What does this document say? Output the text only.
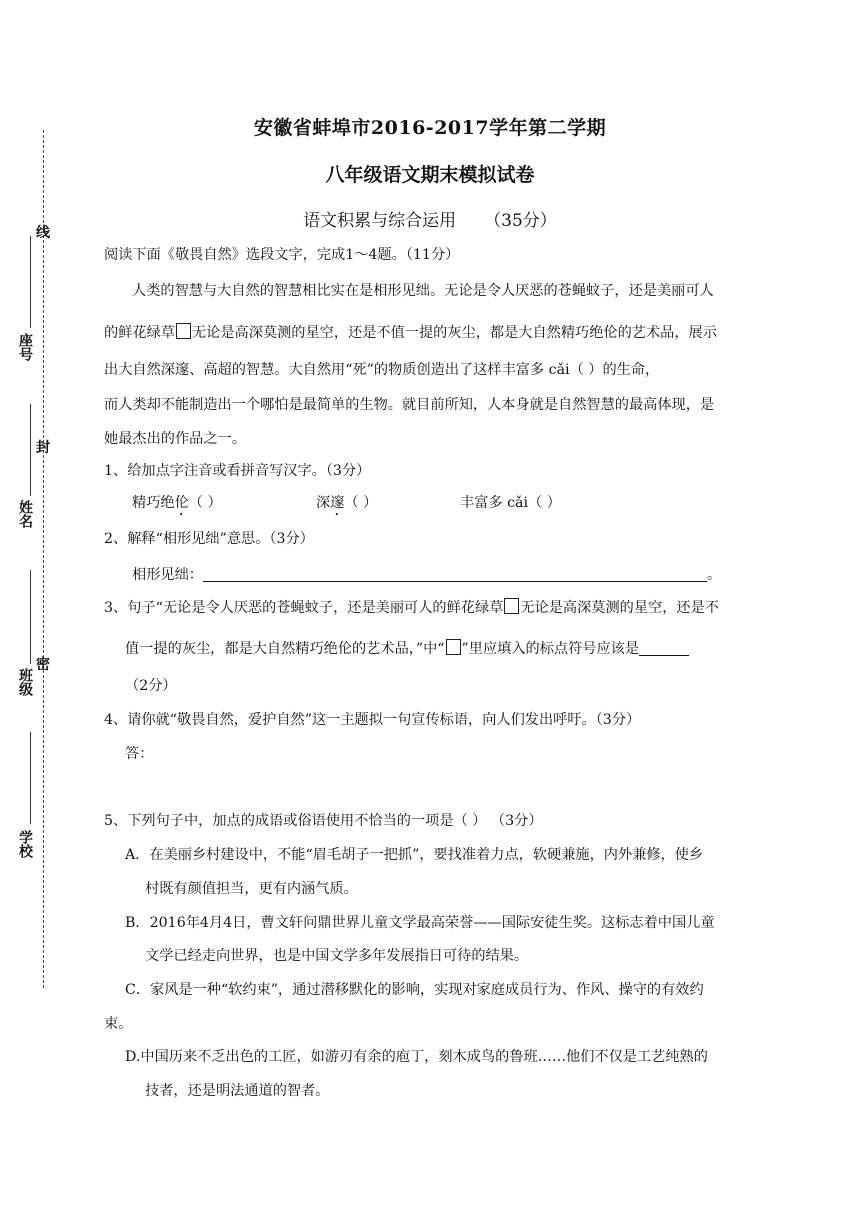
线
封
密
座号
姓名
班级
学校
安徽省蚌埠市2016-2017学年第二学期
八年级语文期末模拟试卷
语文积累与综合运用 （35分）
阅读下面《敬畏自然》选段文字，完成1～4题。（11分）
人类的智慧与大自然的智慧相比实在是相形见绌。无论是令人厌恶的苍蝇蚊子，还是美丽可人
的鲜花绿草 无论是高深莫测的星空，还是不值一提的灰尘，都是大自然精巧绝伦的艺术品，展示
出大自然深邃、高超的智慧。大自然用“死”的物质创造出了这样丰富多 cǎi（ ）的生命，
而人类却不能制造出一个哪怕是最简单的生物。就目前所知，人本身就是自然智慧的最高体现，是
她最杰出的作品之一。
1、给加点字注音或看拼音写汉字。（3分）
精巧绝伦（ ）	深邃（ ）	丰富多 cǎi（ ）
2、解释“相形见绌”意思。（3分）
相形见绌：	。
3、句子“无论是令人厌恶的苍蝇蚊子，还是美丽可人的鲜花绿草 无论是高深莫测的星空，还是不
值一提的灰尘，都是大自然精巧绝伦的艺术品，”中“ ”里应填入的标点符号应该是
（2分）
4、请你就“敬畏自然，爱护自然”这一主题拟一句宣传标语，向人们发出呼吁。（3分）
答：
5、下列句子中，加点的成语或俗语使用不恰当的一项是（ ） （3分）
A．在美丽乡村建设中，不能“眉毛胡子一把抓”，要找准着力点，软硬兼施，内外兼修，使乡
村既有颜值担当，更有内涵气质。
B．2016年4月4日，曹文轩问鼎世界儿童文学最高荣誉——国际安徒生奖。这标志着中国儿童
文学已经走向世界，也是中国文学多年发展指日可待的结果。
C．家风是一种“软约束”，通过潜移默化的影响，实现对家庭成员行为、作风、操守的有效约
束。
D.中国历来不乏出色的工匠，如游刃有余的庖丁，刻木成鸟的鲁班……他们不仅是工艺纯熟的
技者，还是明法通道的智者。
